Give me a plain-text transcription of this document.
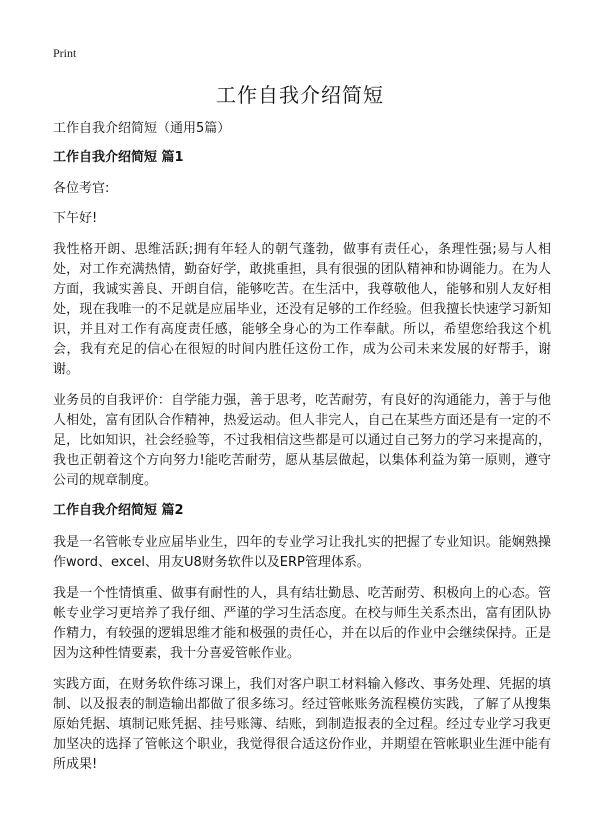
Print
工作自我介绍简短
工作自我介绍简短（通用5篇）
工作自我介绍简短 篇1
各位考官:
下午好!

我性格开朗、思维活跃;拥有年轻人的朝气蓬勃，做事有责任心，条理性强;易与人相处，对工作充满热情，勤奋好学，敢挑重担，具有很强的团队精神和协调能力。在为人方面，我诚实善良、开朗自信，能够吃苦。在生活中，我尊敬他人，能够和别人友好相处，现在我唯一的不足就是应届毕业，还没有足够的工作经验。但我擅长快速学习新知识，并且对工作有高度责任感，能够全身心的为工作奉献。所以，希望您给我这个机会，我有充足的信心在很短的时间内胜任这份工作，成为公司未来发展的好帮手，谢谢。

业务员的自我评价：自学能力强，善于思考，吃苦耐劳，有良好的沟通能力，善于与他人相处，富有团队合作精神，热爱运动。但人非完人，自己在某些方面还是有一定的不足，比如知识，社会经验等，不过我相信这些都是可以通过自己努力的学习来提高的，我也正朝着这个方向努力!能吃苦耐劳，愿从基层做起，以集体利益为第一原则，遵守公司的规章制度。

工作自我介绍简短 篇2

我是一名管帐专业应届毕业生，四年的专业学习让我扎实的把握了专业知识。能娴熟操作word、excel、用友U8财务软件以及ERP管理体系。

我是一个性情慎重、做事有耐性的人，具有结壮勤恳、吃苦耐劳、积极向上的心态。管帐专业学习更培养了我仔细、严谨的学习生活态度。在校与师生关系杰出，富有团队协作精力，有较强的逻辑思维才能和极强的责任心，并在以后的作业中会继续保持。正是因为这种性情要素，我十分喜爱管帐作业。

实践方面，在财务软件练习课上，我们对客户职工材料输入修改、事务处理、凭据的填制、以及报表的制造输出都做了很多练习。经过管帐账务流程模仿实践，了解了从搜集原始凭据、填制记账凭据、挂号账簿、结账，到制造报表的全过程。经过专业学习我更加坚决的选择了管帐这个职业，我觉得很合适这份作业，并期望在管帐职业生涯中能有所成果!
